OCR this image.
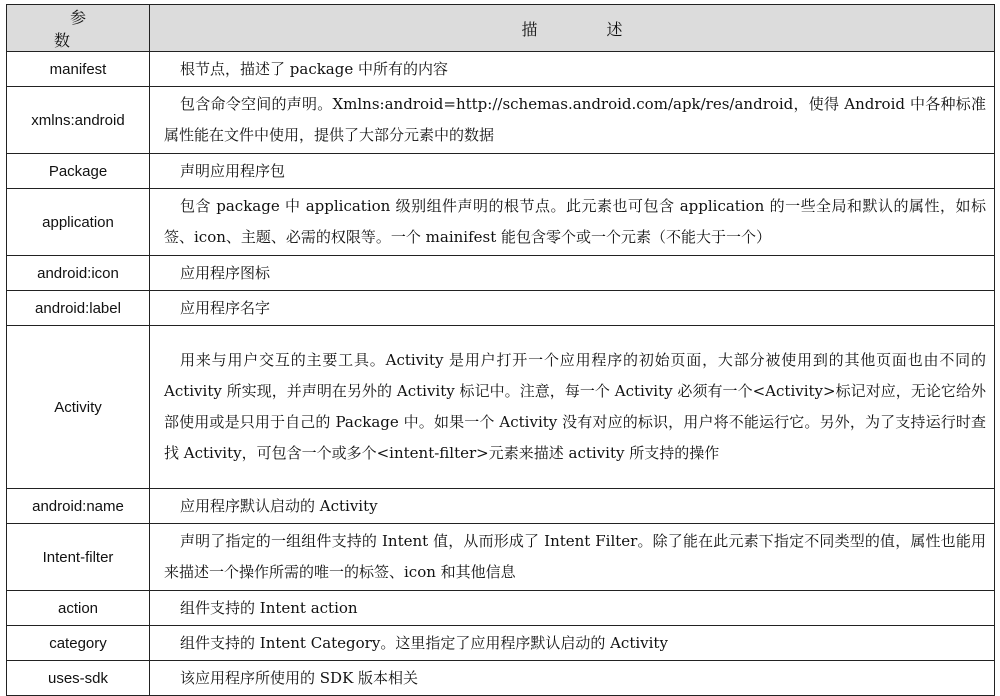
参 数	描 述
manifest	根节点，描述了 package 中所有的内容

xmlns:android	包含命令空间的声明。Xmlns:android=http://schemas.android.com/apk/res/android，使得 Android 中各种标准属性能在文件中使用，提供了大部分元素中的数据

Package	声明应用程序包

application	包含 package 中 application 级别组件声明的根节点。此元素也可包含 application 的一些全局和默认的属性，如标签、icon、主题、必需的权限等。一个 mainifest 能包含零个或一个元素（不能大于一个）

android:icon	应用程序图标

android:label	应用程序名字

Activity	用来与用户交互的主要工具。Activity 是用户打开一个应用程序的初始页面，大部分被使用到的其他页面也由不同的 Activity 所实现，并声明在另外的 Activity 标记中。注意，每一个 Activity 必须有一个<Activity>标记对应，无论它给外部使用或是只用于自己的 Package 中。如果一个 Activity 没有对应的标识，用户将不能运行它。另外，为了支持运行时查找 Activity，可包含一个或多个<intent-filter>元素来描述 activity 所支持的操作

android:name	应用程序默认启动的 Activity

Intent-filter	声明了指定的一组组件支持的 Intent 值，从而形成了 Intent Filter。除了能在此元素下指定不同类型的值，属性也能用来描述一个操作所需的唯一的标签、icon 和其他信息

action	组件支持的 Intent action

category	组件支持的 Intent Category。这里指定了应用程序默认启动的 Activity

uses-sdk	该应用程序所使用的 SDK 版本相关
